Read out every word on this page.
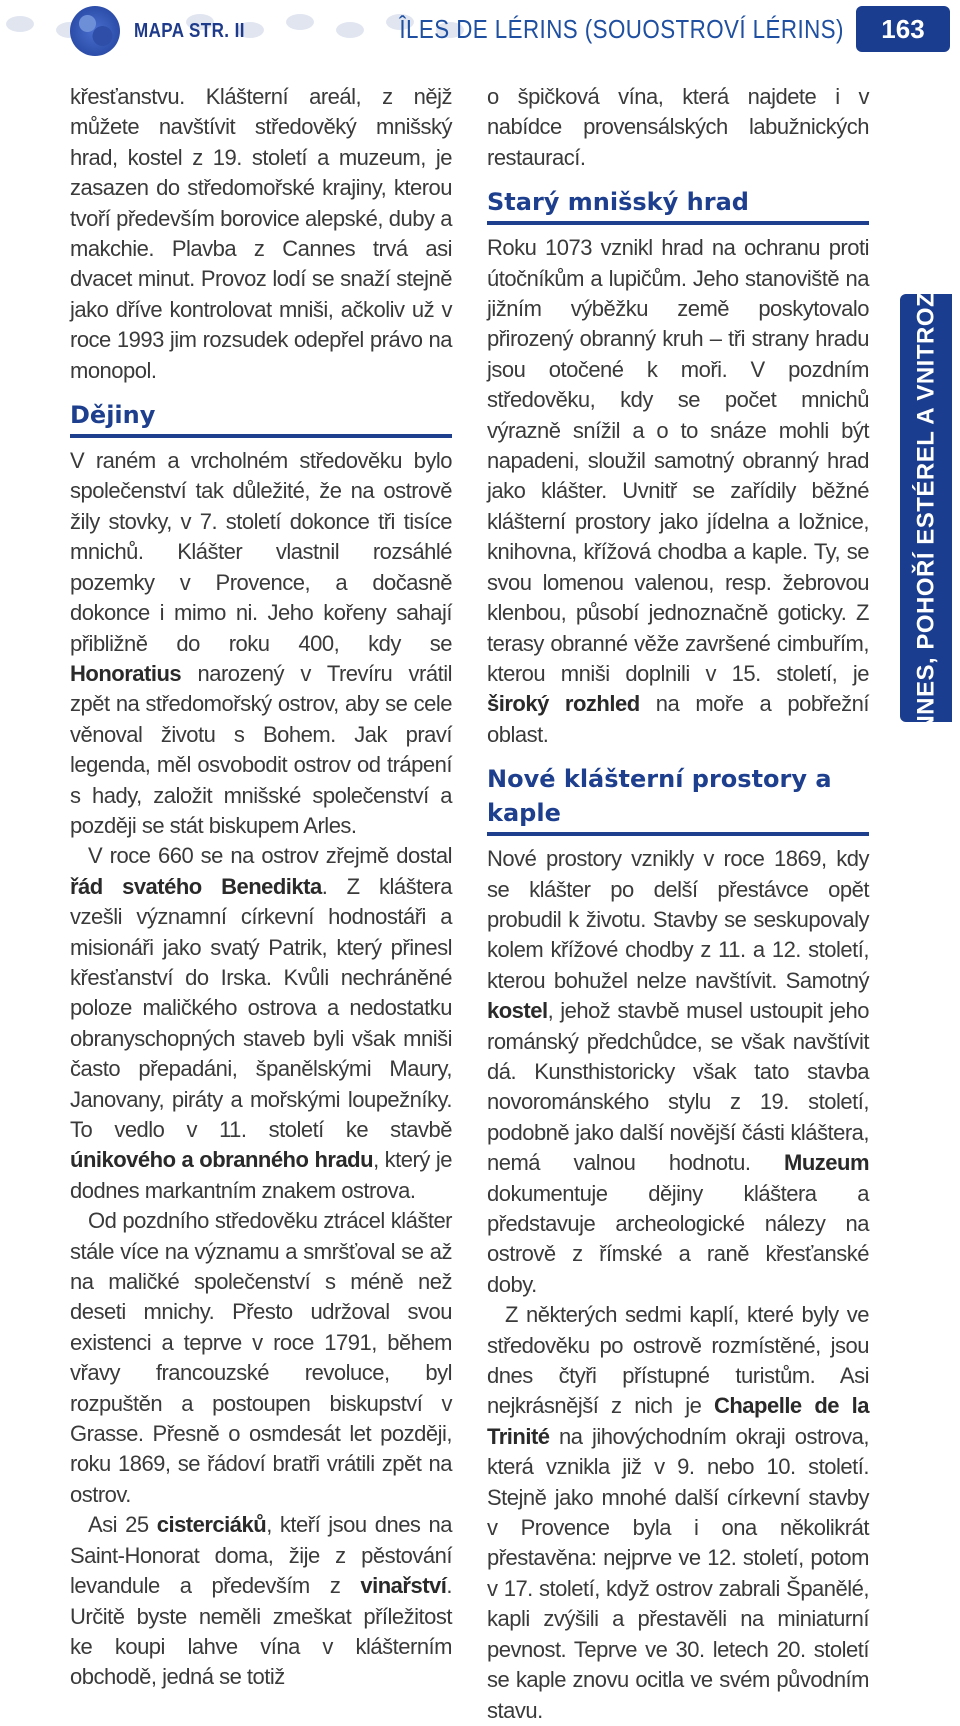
MAPA STR. II	ÎLES DE LÉRINS (SOUOSTROVÍ LÉRINS)	163

křesťanstvu. Klášterní areál, z nějž můžete navštívit středověký mnišský hrad, kostel z 19. století a muzeum, je zasazen do středomořské krajiny, kterou tvoří především borovice alepské, duby a makchie. Plavba z Cannes trvá asi dvacet minut. Provoz lodí se snaží stejně jako dříve kontrolovat mniši, ačkoliv už v roce 1993 jim rozsudek odepřel právo na monopol.

Dějiny

V raném a vrcholném středověku bylo společenství tak důležité, že na ostrově žily stovky, v 7. století dokonce tři tisíce mnichů. Klášter vlastnil rozsáhlé pozemky v Provence, a dočasně dokonce i mimo ni. Jeho kořeny sahají přibližně do roku 400, kdy se Honoratius narozený v Trevíru vrátil zpět na středomořský ostrov, aby se cele věnoval životu s Bohem. Jak praví legenda, měl osvobodit ostrov od trápení s hady, založit mnišské společenství a později se stát biskupem Arles.

V roce 660 se na ostrov zřejmě dostal řád svatého Benedikta. Z kláštera vzešli významní církevní hodnostáři a misionáři jako svatý Patrik, který přinesl křesťanství do Irska. Kvůli nechráněné poloze maličkého ostrova a nedostatku obranyschopných staveb byli však mniši často přepadáni, španělskými Maury, Janovany, piráty a mořskými loupežníky. To vedlo v 11. století ke stavbě únikového a obranného hradu, který je dodnes markantním znakem ostrova.

Od pozdního středověku ztrácel klášter stále více na významu a smršťoval se až na maličké společenství s méně než deseti mnichy. Přesto udržoval svou existenci a teprve v roce 1791, během vřavy francouzské revoluce, byl rozpuštěn a postoupen biskupství v Grasse. Přesně o osmdesát let později, roku 1869, se řádoví bratři vrátili zpět na ostrov.

Asi 25 cisterciáků, kteří jsou dnes na Saint-Honorat doma, žije z pěstování levandule a především z vinařství. Určitě byste neměli zmeškat příležitost ke koupi lahve vína v klášterním obchodě, jedná se totiž

o špičková vína, která najdete i v nabídce provensálských labužnických restaurací.

Starý mnišský hrad

Roku 1073 vznikl hrad na ochranu proti útočníkům a lupičům. Jeho stanoviště na jižním výběžku země poskytovalo přirozený obranný kruh – tři strany hradu jsou otočené k moři. V pozdním středověku, kdy se počet mnichů výrazně snížil a o to snáze mohli být napadeni, sloužil samotný obranný hrad jako klášter. Uvnitř se zařídily běžné klášterní prostory jako jídelna a ložnice, knihovna, křížová chodba a kaple. Ty, se svou lomenou valenou, resp. žebrovou klenbou, působí jednoznačně goticky. Z terasy obranné věže završené cimbuřím, kterou mniši doplnili v 15. století, je široký rozhled na moře a pobřežní oblast.

Nové klášterní prostory a kaple

Nové prostory vznikly v roce 1869, kdy se klášter po delší přestávce opět probudil k životu. Stavby se seskupovaly kolem křížové chodby z 11. a 12. století, kterou bohužel nelze navštívit. Samotný kostel, jehož stavbě musel ustoupit jeho románský předchůdce, se však navštívit dá. Kunsthistoricky však tato stavba novorománského stylu z 19. století, podobně jako další novější části kláštera, nemá valnou hodnotu. Muzeum dokumentuje dějiny kláštera a představuje archeologické nálezy na ostrově z římské a raně křesťanské doby.

Z některých sedmi kaplí, které byly ve středověku po ostrově rozmístěné, jsou dnes čtyři přístupné turistům. Asi nejkrásnější z nich je Chapelle de la Trinité na jihovýchodním okraji ostrova, která vznikla již v 9. nebo 10. století. Stejně jako mnohé další církevní stavby v Provence byla i ona několikrát přestavěna: nejprve ve 12. století, potom v 17. století, když ostrov zabrali Španělé, kapli zvýšili a přestavěli na miniaturní pevnost. Teprve ve 30. letech 20. století se kaple znovu ocitla ve svém původním stavu.

CANNES, POHOŘÍ ESTÉREL A VNITROZEMÍ
